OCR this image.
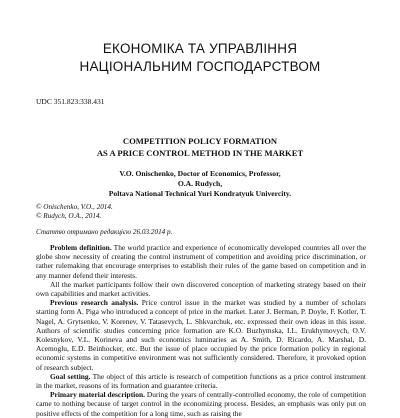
ЕКОНОМІКА ТА УПРАВЛІННЯ
НАЦІОНАЛЬНИМ ГОСПОДАРСТВОМ
UDC 351.823:338.431
COMPETITION POLICY FORMATION
AS A PRICE CONTROL METHOD IN THE MARKET
V.O. Onischenko, Doctor of Economics, Professor,
O.A. Rudych,
Poltava National Technical Yuri Kondratyuk Univercity.
© Onischenko, V.O., 2014.
© Rudych, O.A., 2014.
Статтю отримано редакцією 26.03.2014 р.

Problem definition. The world practice and experience of economically developed countries all over the globe show necessity of creating the control instrument of competition and avoiding price discrimination, or rather rulemaking that encourage enterprises to establish their rules of the game based on competition and in any manner defend their interests.

All the market participants follow their own discovered conception of marketing strategy based on their own capabilities and market activities.

Previous research analysis. Price control issue in the market was studied by a number of scholars starting form A. Piga who introduced a concept of price in the market. Later J. Berman, P. Doyle, F. Kotler, T. Nagel, A. Grytsenko, V. Korenev, V. Tatasevych, L. Shkvarchuk, etc. expressed their own ideas in this issue. Authors of scientific studies concerning price formation are K.O. Buzhymska, I.L. Erukhymovych, O.V. Kolesnykov, V.L. Korineva and such economics luminaries as A. Smith, D. Ricardo, A. Marshal, D. Acemoglu, E.D. Beinhocker, etc. But the issue of place occupied by the price formation policy in regional economic systems in competitive environment was not sufficiently considered. Therefore, it provoked option of research subject.

Goal setting. The object of this article is research of competition functions as a price control instrument in the market, reasons of its formation and guarantee criteria.

Primary material description. During the years of centrally-controlled economy, the role of competition came to nothing because of target control in the economizing process. Besides, an emphasis was only put on positive effects of the competition for a long time, such as raising the
